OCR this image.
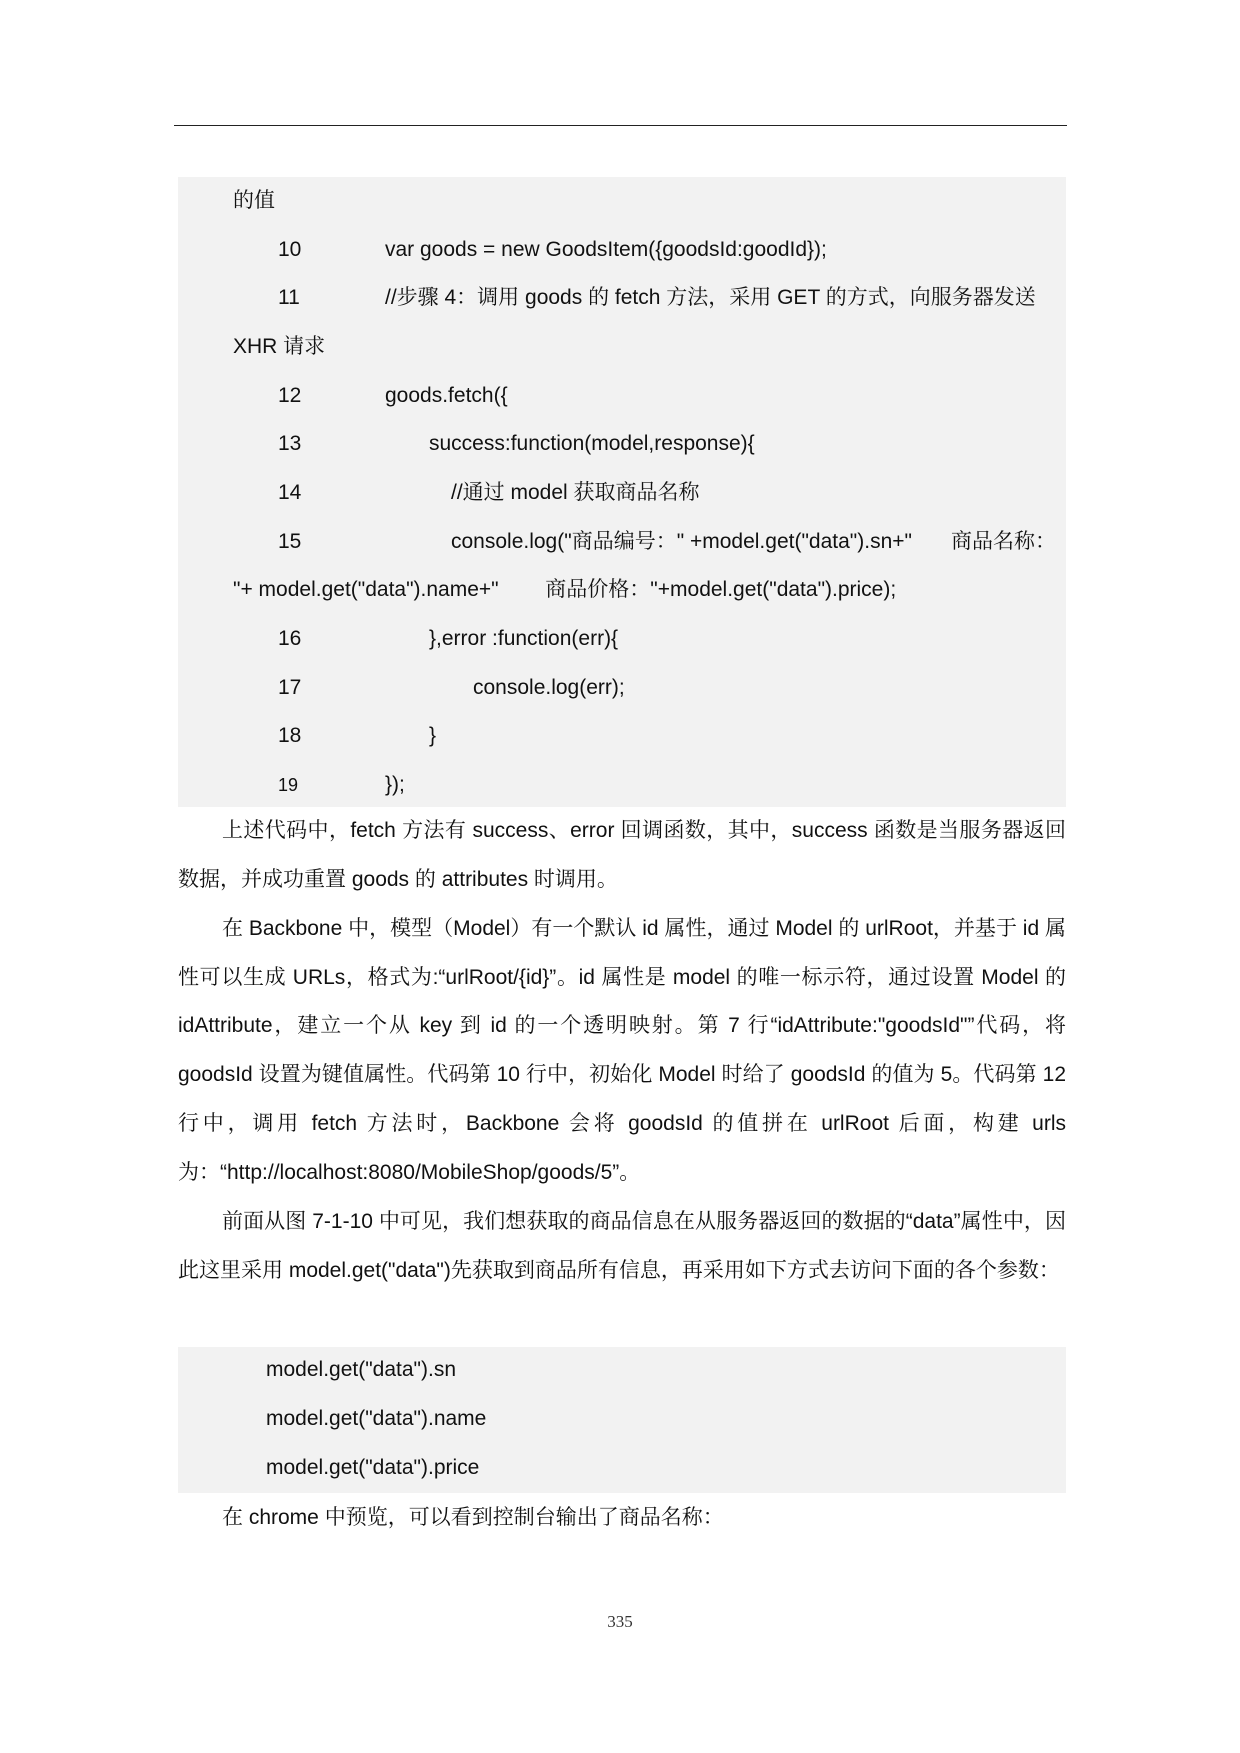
的值
10	var goods = new GoodsItem({goodsId:goodId});
11	//步骤 4：调用 goods 的 fetch 方法，采用 GET 的方式，向服务器发送
XHR 请求
12	goods.fetch({
13	success:function(model,response){
14	//通过 model 获取商品名称
15	console.log("商品编号：" +model.get("data").sn+" 商品名称：
"+ model.get("data").name+"        商品价格："+model.get("data").price);
16	},error :function(err){
17	console.log(err);
18	}
19	});
上述代码中，fetch 方法有 success、error 回调函数，其中，success 函数是当服务器返回数据，并成功重置 goods 的 attributes 时调用。
在 Backbone 中，模型（Model）有一个默认 id 属性，通过 Model 的 urlRoot，并基于 id 属性可以生成 URLs，格式为:“urlRoot/{id}”。id 属性是 model 的唯一标示符，通过设置 Model 的 idAttribute，建立一个从 key 到 id 的一个透明映射。第 7 行“idAttribute:"goodsId"”代码，将 goodsId 设置为键值属性。代码第 10 行中，初始化 Model 时给了 goodsId 的值为 5。代码第 12 行中，调用 fetch 方法时，Backbone 会将 goodsId 的值拼在 urlRoot 后面，构建 urls 为：“http://localhost:8080/MobileShop/goods/5”。
前面从图 7-1-10 中可见，我们想获取的商品信息在从服务器返回的数据的“data”属性中，因此这里采用 model.get("data")先获取到商品所有信息，再采用如下方式去访问下面的各个参数：
model.get("data").sn
model.get("data").name
model.get("data").price
在 chrome 中预览，可以看到控制台输出了商品名称：
335
